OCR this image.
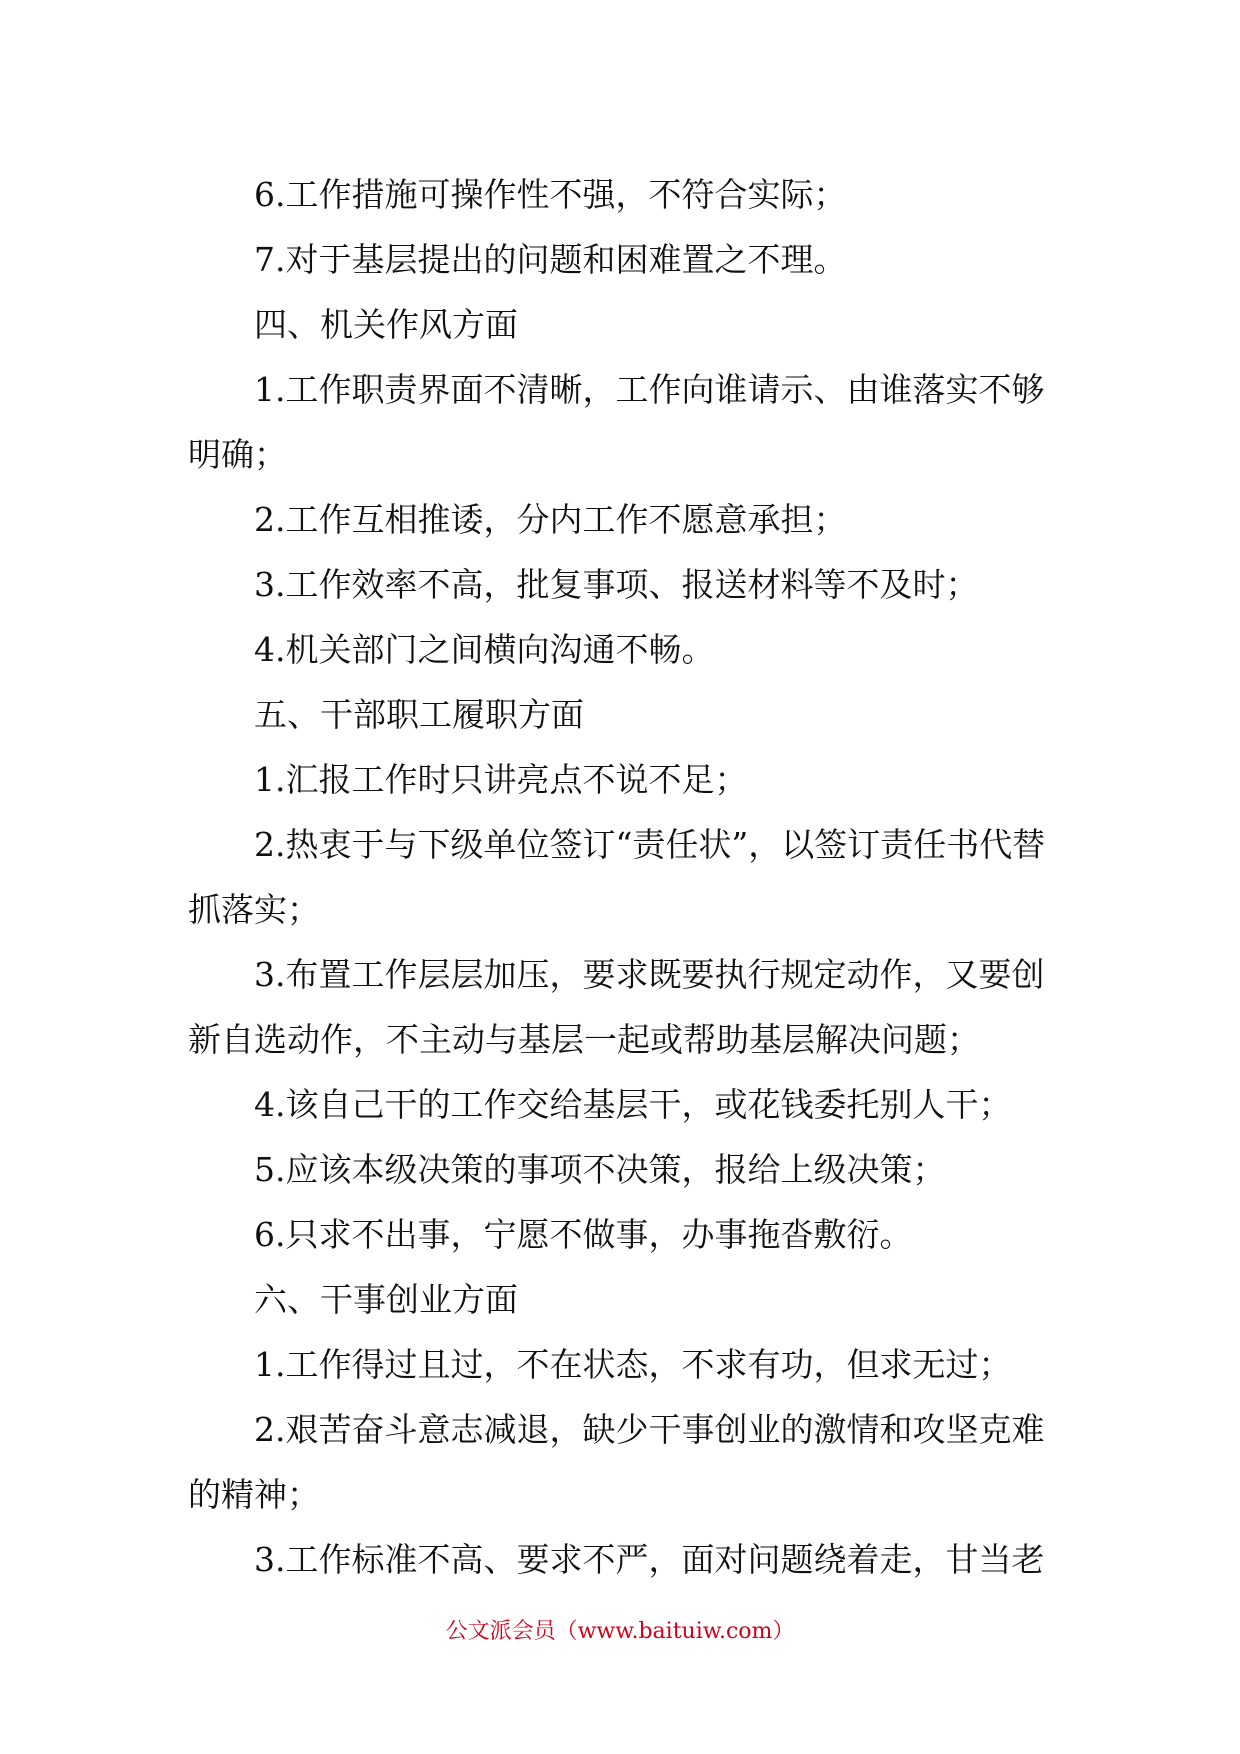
6.工作措施可操作性不强，不符合实际；

7.对于基层提出的问题和困难置之不理。

四、机关作风方面

1.工作职责界面不清晰，工作向谁请示、由谁落实不够明确；

2.工作互相推诿，分内工作不愿意承担；

3.工作效率不高，批复事项、报送材料等不及时；

4.机关部门之间横向沟通不畅。

五、干部职工履职方面

1.汇报工作时只讲亮点不说不足；

2.热衷于与下级单位签订“责任状”，以签订责任书代替抓落实；

3.布置工作层层加压，要求既要执行规定动作，又要创新自选动作，不主动与基层一起或帮助基层解决问题；

4.该自己干的工作交给基层干，或花钱委托别人干；

5.应该本级决策的事项不决策，报给上级决策；

6.只求不出事，宁愿不做事，办事拖沓敷衍。

六、干事创业方面

1.工作得过且过，不在状态，不求有功，但求无过；

2.艰苦奋斗意志减退，缺少干事创业的激情和攻坚克难的精神；

3.工作标准不高、要求不严，面对问题绕着走，甘当老

公文派会员（www.baituiw.com）
